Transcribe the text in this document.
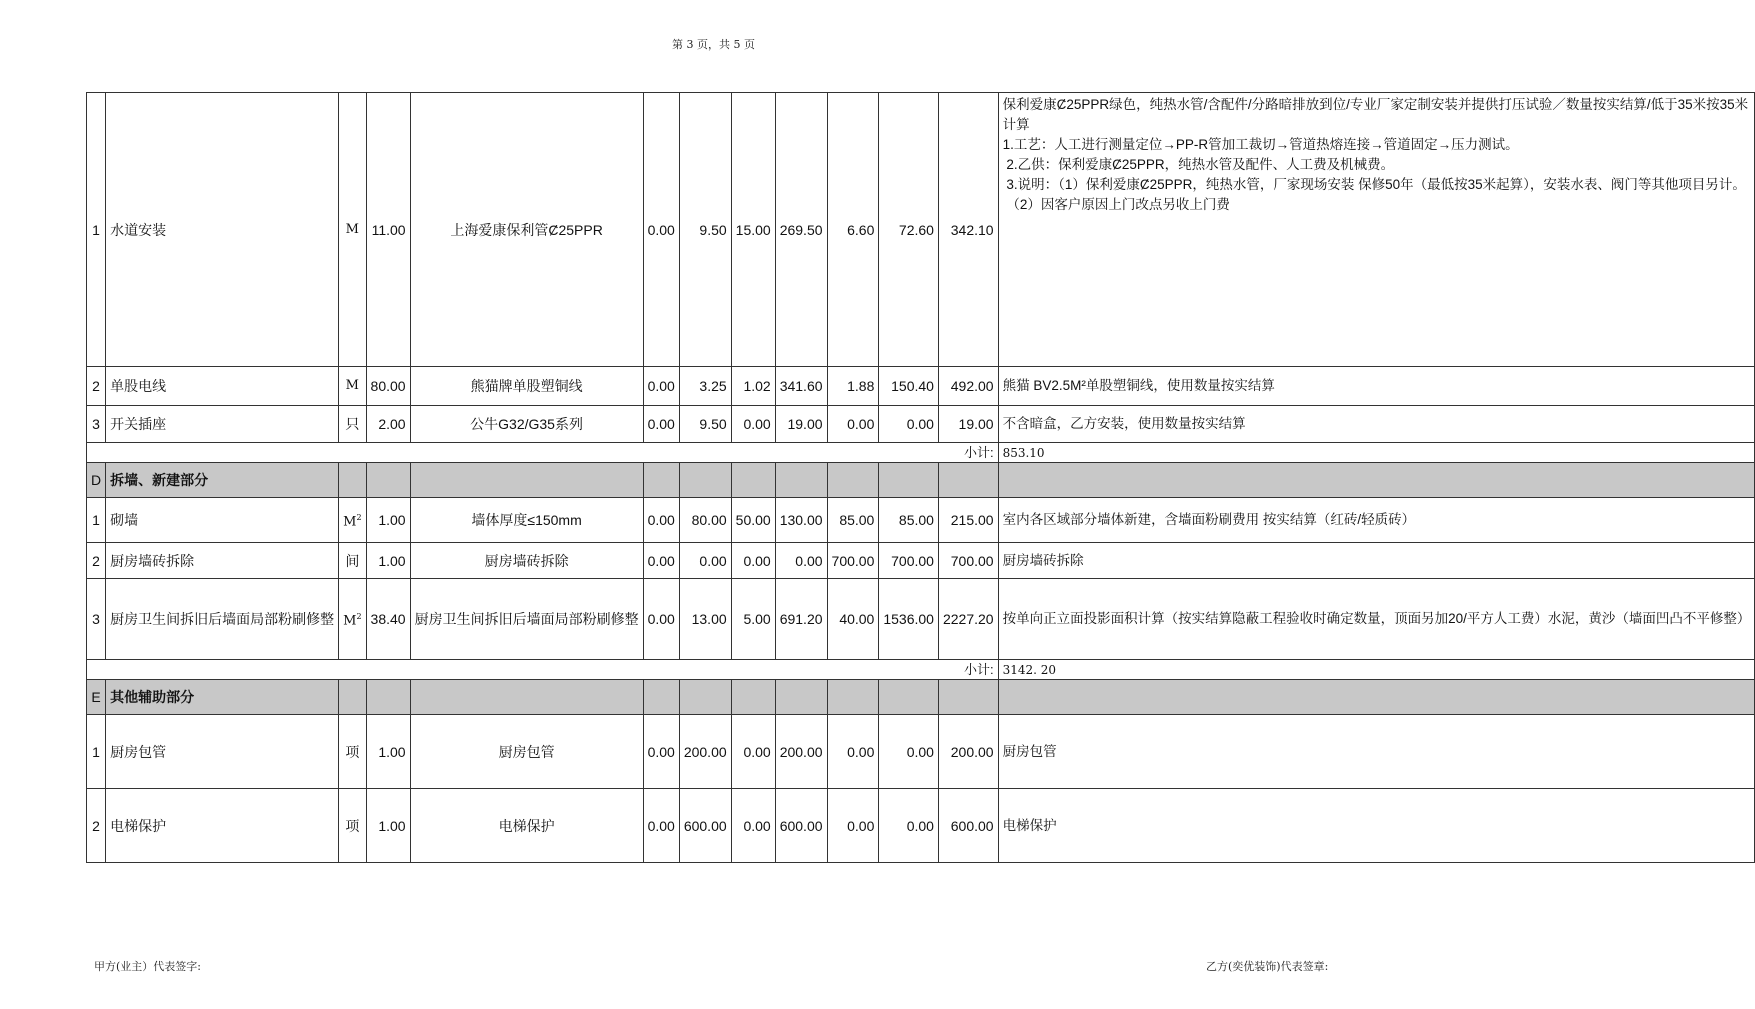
第 3 页，共 5 页
1	水道安装	M	11.00	上海爱康保利管Ȼ25PPR	0.00	9.50	15.00	269.50	6.60	72.60	342.10	保利爱康Ȼ25PPR绿色，纯热水管/含配件/分路暗排放到位/专业厂家定制安装并提供打压试验／数量按实结算/低于35米按35米计算
1.工艺：人工进行测量定位→PP-R管加工裁切→管道热熔连接→管道固定→压力测试。
2.乙供：保利爱康Ȼ25PPR，纯热水管及配件、人工费及机械费。
3.说明：（1）保利爱康Ȼ25PPR，纯热水管，厂家现场安装 保修50年（最低按35米起算），安装水表、阀门等其他项目另计。
（2）因客户原因上门改点另收上门费

2	单股电线	M	80.00	熊猫牌单股塑铜线	0.00	3.25	1.02	341.60	1.88	150.40	492.00	熊猫 BV2.5M²单股塑铜线，使用数量按实结算
3	开关插座	只	2.00	公牛G32/G35系列	0.00	9.50	0.00	19.00	0.00	0.00	19.00	不含暗盒，乙方安装，使用数量按实结算
											小计:	853.10
D	拆墙、新建部分											
1	砌墙	$M^2$	1.00	墙体厚度≤150mm	0.00	80.00	50.00	130.00	85.00	85.00	215.00	室内各区域部分墙体新建，含墙面粉刷费用 按实结算（红砖/轻质砖）
2	厨房墙砖拆除	间	1.00	厨房墙砖拆除	0.00	0.00	0.00	0.00	700.00	700.00	700.00	厨房墙砖拆除
3	厨房卫生间拆旧后墙面局部粉刷修整	$M^2$	38.40	厨房卫生间拆旧后墙面局部粉刷修整	0.00	13.00	5.00	691.20	40.00	1536.00	2227.20	按单向正立面投影面积计算（按实结算隐蔽工程验收时确定数量，顶面另加20/平方人工费）水泥，黄沙（墙面凹凸不平修整）
											小计:	3142. 20
E	其他辅助部分											
1	厨房包管	项	1.00	厨房包管	0.00	200.00	0.00	200.00	0.00	0.00	200.00	厨房包管
2	电梯保护	项	1.00	电梯保护	0.00	600.00	0.00	600.00	0.00	0.00	600.00	电梯保护
甲方(业主）代表签字:	乙方(奕优装饰)代表签章:
